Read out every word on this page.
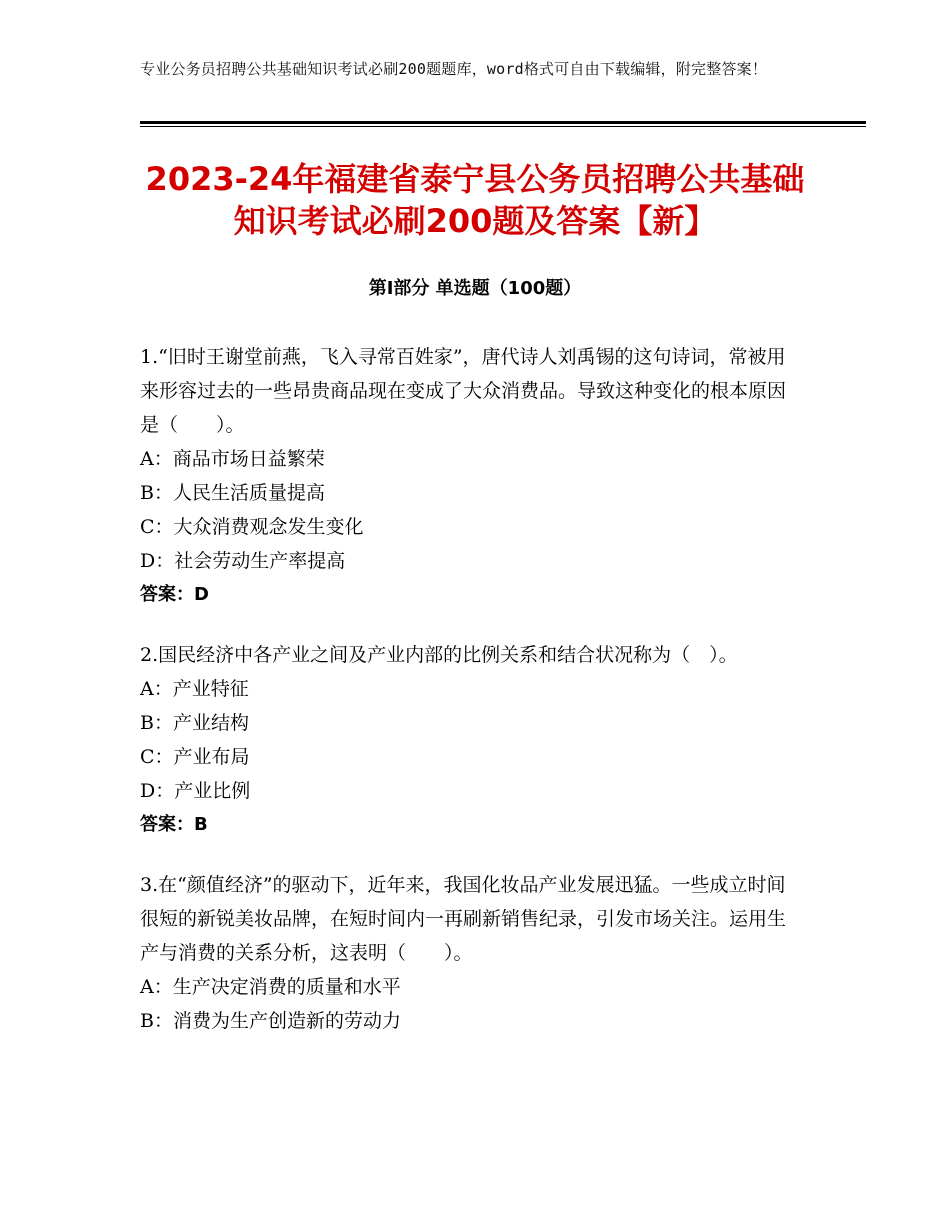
专业公务员招聘公共基础知识考试必刷200题题库，word格式可自由下载编辑，附完整答案！
2023-24年福建省泰宁县公务员招聘公共基础知识考试必刷200题及答案【新】
第Ⅰ部分 单选题（100题）

1.“旧时王谢堂前燕，飞入寻常百姓家”，唐代诗人刘禹锡的这句诗词，常被用来形容过去的一些昂贵商品现在变成了大众消费品。导致这种变化的根本原因是（　　）。

A：商品市场日益繁荣

B：人民生活质量提高

C：大众消费观念发生变化

D：社会劳动生产率提高

答案：D

2.国民经济中各产业之间及产业内部的比例关系和结合状况称为（　）。

A：产业特征

B：产业结构

C：产业布局

D：产业比例

答案：B

3.在“颜值经济”的驱动下，近年来，我国化妆品产业发展迅猛。一些成立时间很短的新锐美妆品牌，在短时间内一再刷新销售纪录，引发市场关注。运用生产与消费的关系分析，这表明（　　）。

A：生产决定消费的质量和水平

B：消费为生产创造新的劳动力
